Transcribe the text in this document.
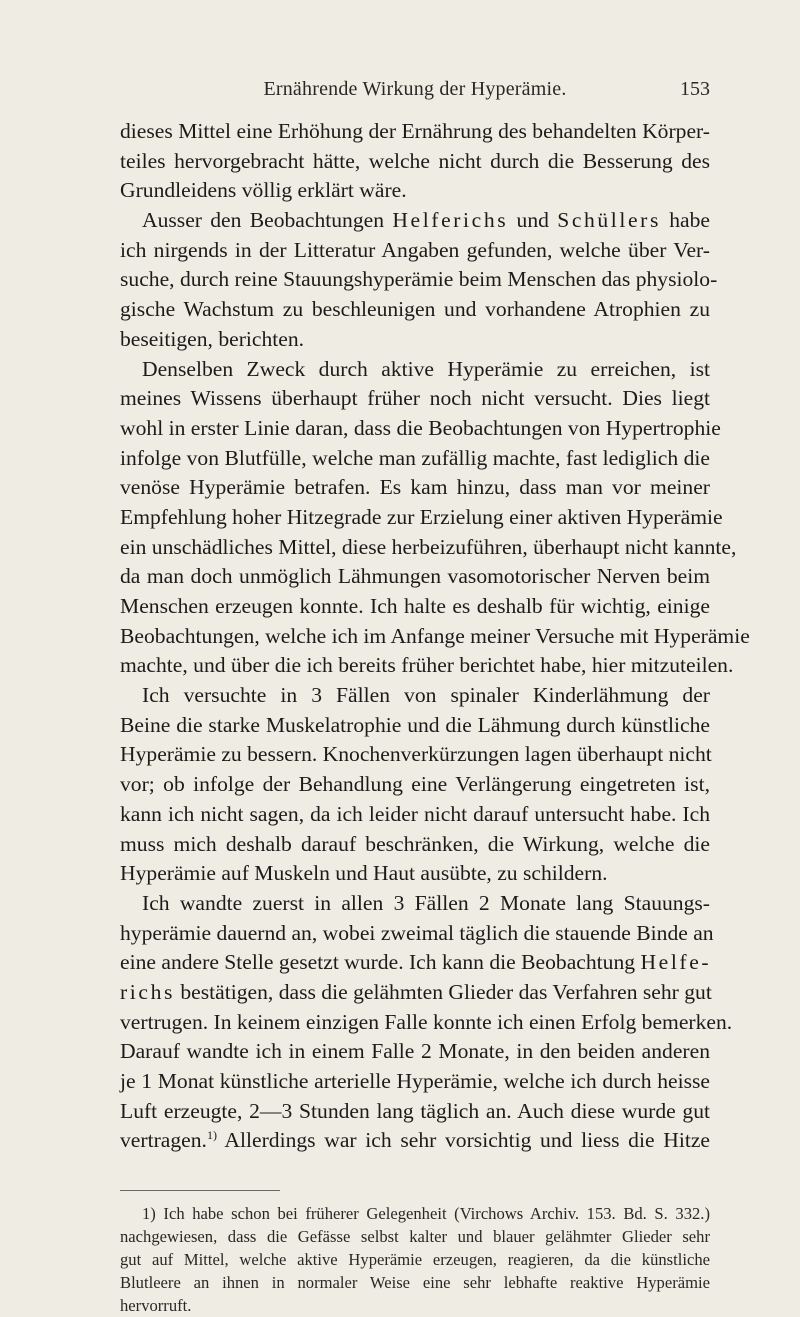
Ernährende Wirkung der Hyperämie.	153
dieses Mittel eine Erhöhung der Ernährung des behandelten Körper-
teiles hervorgebracht hätte, welche nicht durch die Besserung des
Grundleidens völlig erklärt wäre.
Ausser den Beobachtungen Helferichs und Schüllers habe
ich nirgends in der Litteratur Angaben gefunden, welche über Ver-
suche, durch reine Stauungshyperämie beim Menschen das physiolo-
gische Wachstum zu beschleunigen und vorhandene Atrophien zu
beseitigen, berichten.
Denselben Zweck durch aktive Hyperämie zu erreichen, ist
meines Wissens überhaupt früher noch nicht versucht. Dies liegt
wohl in erster Linie daran, dass die Beobachtungen von Hypertrophie
infolge von Blutfülle, welche man zufällig machte, fast lediglich die
venöse Hyperämie betrafen. Es kam hinzu, dass man vor meiner
Empfehlung hoher Hitzegrade zur Erzielung einer aktiven Hyperämie
ein unschädliches Mittel, diese herbeizuführen, überhaupt nicht kannte,
da man doch unmöglich Lähmungen vasomotorischer Nerven beim
Menschen erzeugen konnte. Ich halte es deshalb für wichtig, einige
Beobachtungen, welche ich im Anfange meiner Versuche mit Hyperämie
machte, und über die ich bereits früher berichtet habe, hier mitzuteilen.
Ich versuchte in 3 Fällen von spinaler Kinderlähmung der
Beine die starke Muskelatrophie und die Lähmung durch künstliche
Hyperämie zu bessern. Knochenverkürzungen lagen überhaupt nicht
vor; ob infolge der Behandlung eine Verlängerung eingetreten ist,
kann ich nicht sagen, da ich leider nicht darauf untersucht habe. Ich
muss mich deshalb darauf beschränken, die Wirkung, welche die
Hyperämie auf Muskeln und Haut ausübte, zu schildern.
Ich wandte zuerst in allen 3 Fällen 2 Monate lang Stauungs-
hyperämie dauernd an, wobei zweimal täglich die stauende Binde an
eine andere Stelle gesetzt wurde. Ich kann die Beobachtung Helfe-
richs bestätigen, dass die gelähmten Glieder das Verfahren sehr gut
vertrugen. In keinem einzigen Falle konnte ich einen Erfolg bemerken.
Darauf wandte ich in einem Falle 2 Monate, in den beiden anderen
je 1 Monat künstliche arterielle Hyperämie, welche ich durch heisse
Luft erzeugte, 2—3 Stunden lang täglich an. Auch diese wurde gut
vertragen.$^{1)}$ Allerdings war ich sehr vorsichtig und liess die Hitze
1) Ich habe schon bei früherer Gelegenheit (Virchows Archiv. 153. Bd. S. 332.)
nachgewiesen, dass die Gefässe selbst kalter und blauer gelähmter Glieder sehr
gut auf Mittel, welche aktive Hyperämie erzeugen, reagieren, da die künstliche
Blutleere an ihnen in normaler Weise eine sehr lebhafte reaktive Hyperämie
hervorruft.
